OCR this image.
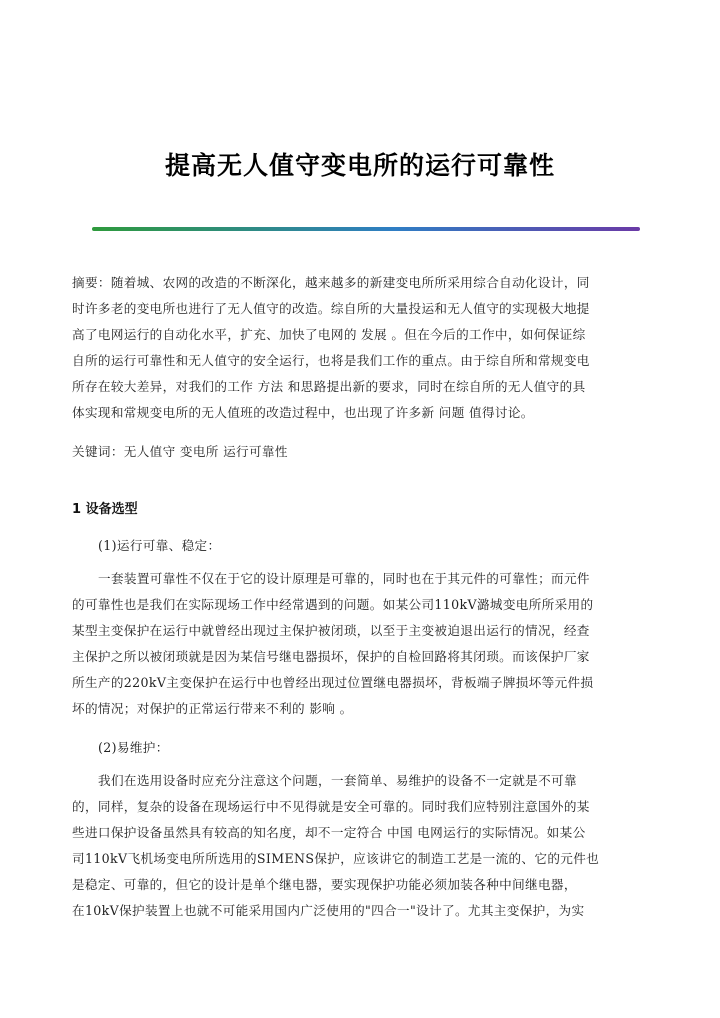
提高无人值守变电所的运行可靠性
摘要：随着城、农网的改造的不断深化，越来越多的新建变电所所采用综合自动化设计，同
时许多老的变电所也进行了无人值守的改造。综自所的大量投运和无人值守的实现极大地提
高了电网运行的自动化水平，扩充、加快了电网的 发展 。但在今后的工作中，如何保证综
自所的运行可靠性和无人值守的安全运行，也将是我们工作的重点。由于综自所和常规变电
所存在较大差异，对我们的工作 方法 和思路提出新的要求，同时在综自所的无人值守的具
体实现和常规变电所的无人值班的改造过程中，也出现了许多新 问题 值得讨论。
关键词：无人值守 变电所 运行可靠性
1 设备选型
(1)运行可靠、稳定：
一套装置可靠性不仅在于它的设计原理是可靠的，同时也在于其元件的可靠性；而元件
的可靠性也是我们在实际现场工作中经常遇到的问题。如某公司110kV潞城变电所所采用的
某型主变保护在运行中就曾经出现过主保护被闭琐，以至于主变被迫退出运行的情况，经查
主保护之所以被闭琐就是因为某信号继电器损坏，保护的自检回路将其闭琐。而该保护厂家
所生产的220kV主变保护在运行中也曾经出现过位置继电器损坏，背板端子牌损坏等元件损
坏的情况；对保护的正常运行带来不利的 影响 。
(2)易维护：
我们在选用设备时应充分注意这个问题，一套简单、易维护的设备不一定就是不可靠
的，同样，复杂的设备在现场运行中不见得就是安全可靠的。同时我们应特别注意国外的某
些进口保护设备虽然具有较高的知名度，却不一定符合 中国 电网运行的实际情况。如某公
司110kV飞机场变电所所选用的SIMENS保护，应该讲它的制造工艺是一流的、它的元件也
是稳定、可靠的，但它的设计是单个继电器，要实现保护功能必须加装各种中间继电器，
在10kV保护装置上也就不可能采用国内广泛使用的"四合一"设计了。尤其主变保护，为实
